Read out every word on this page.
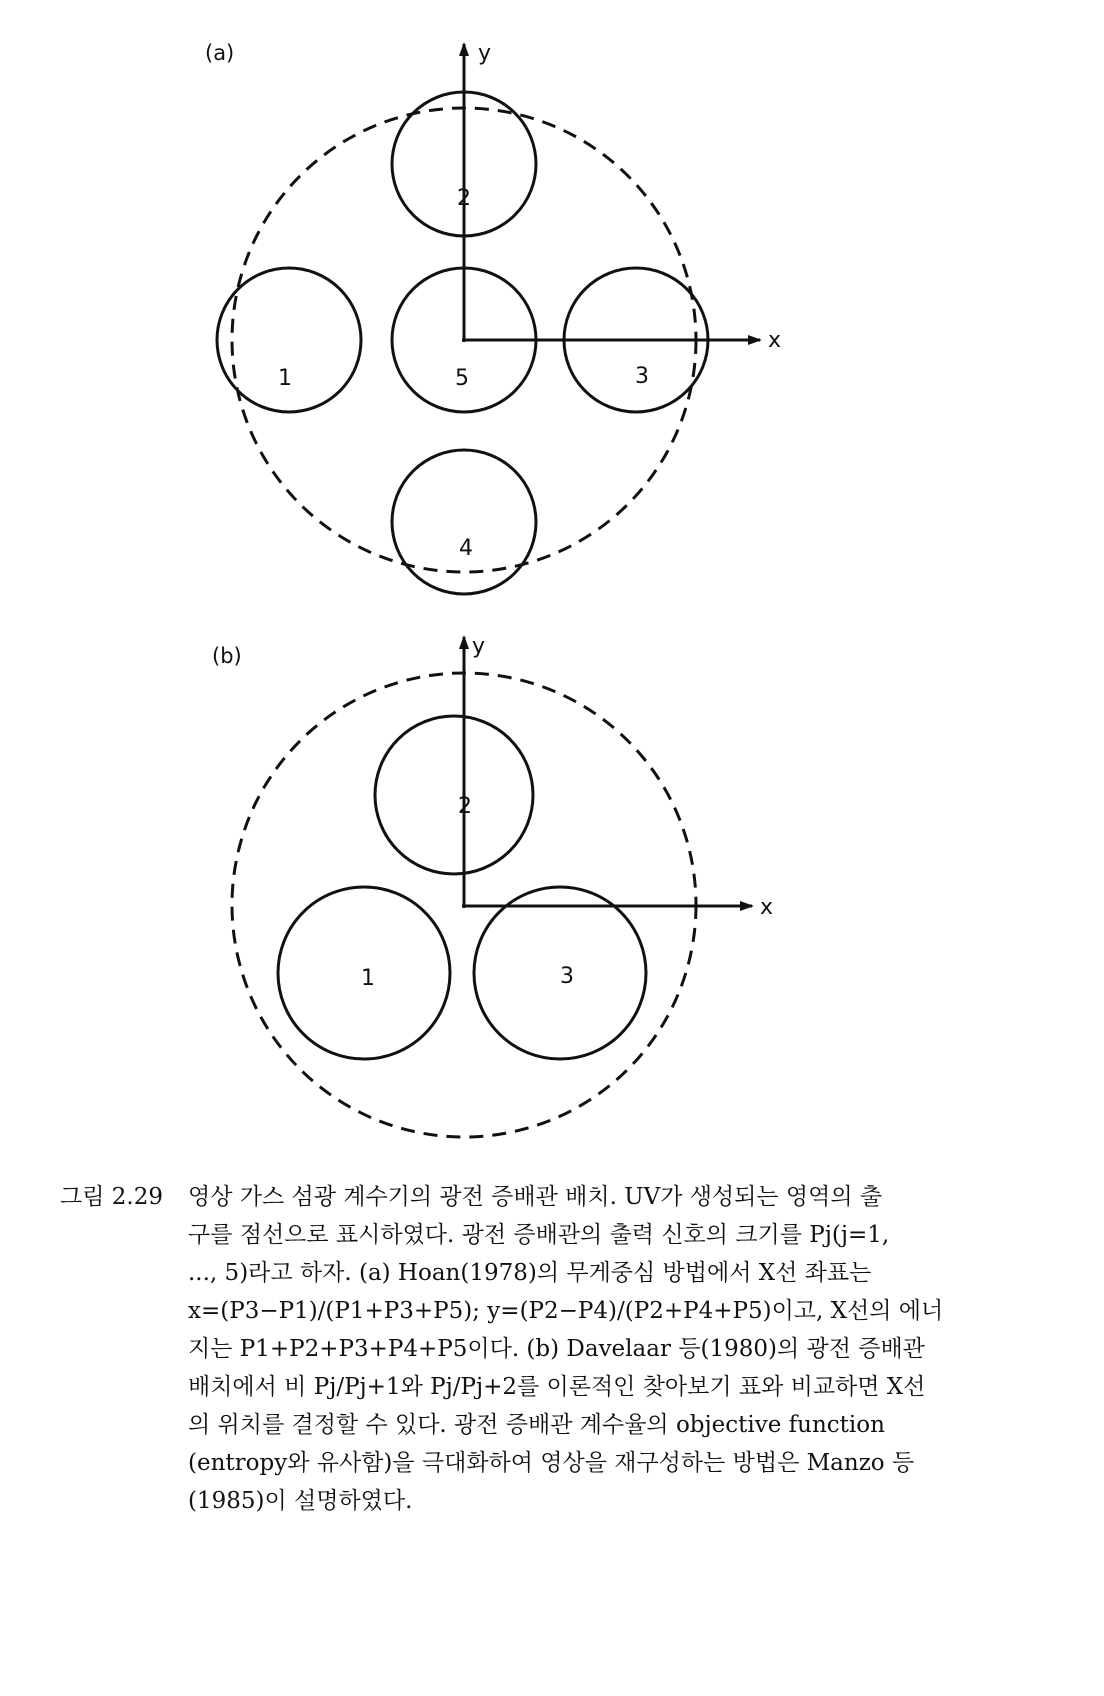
(a)	y
x
2
1	5	3
4
(b)	y
x
2
1	3
그림 2.29	영상 가스 섬광 계수기의 광전 증배관 배치. UV가 생성되는 영역의 출
구를 점선으로 표시하였다. 광전 증배관의 출력 신호의 크기를 Pj(j=1,
..., 5)라고 하자. (a) Hoan(1978)의 무게중심 방법에서 X선 좌표는
x=(P3−P1)/(P1+P3+P5); y=(P2−P4)/(P2+P4+P5)이고, X선의 에너
지는 P1+P2+P3+P4+P5이다. (b) Davelaar 등(1980)의 광전 증배관
배치에서 비 Pj/Pj+1와 Pj/Pj+2를 이론적인 찾아보기 표와 비교하면 X선
의 위치를 결정할 수 있다. 광전 증배관 계수율의 objective function
(entropy와 유사함)을 극대화하여 영상을 재구성하는 방법은 Manzo 등
(1985)이 설명하였다.
